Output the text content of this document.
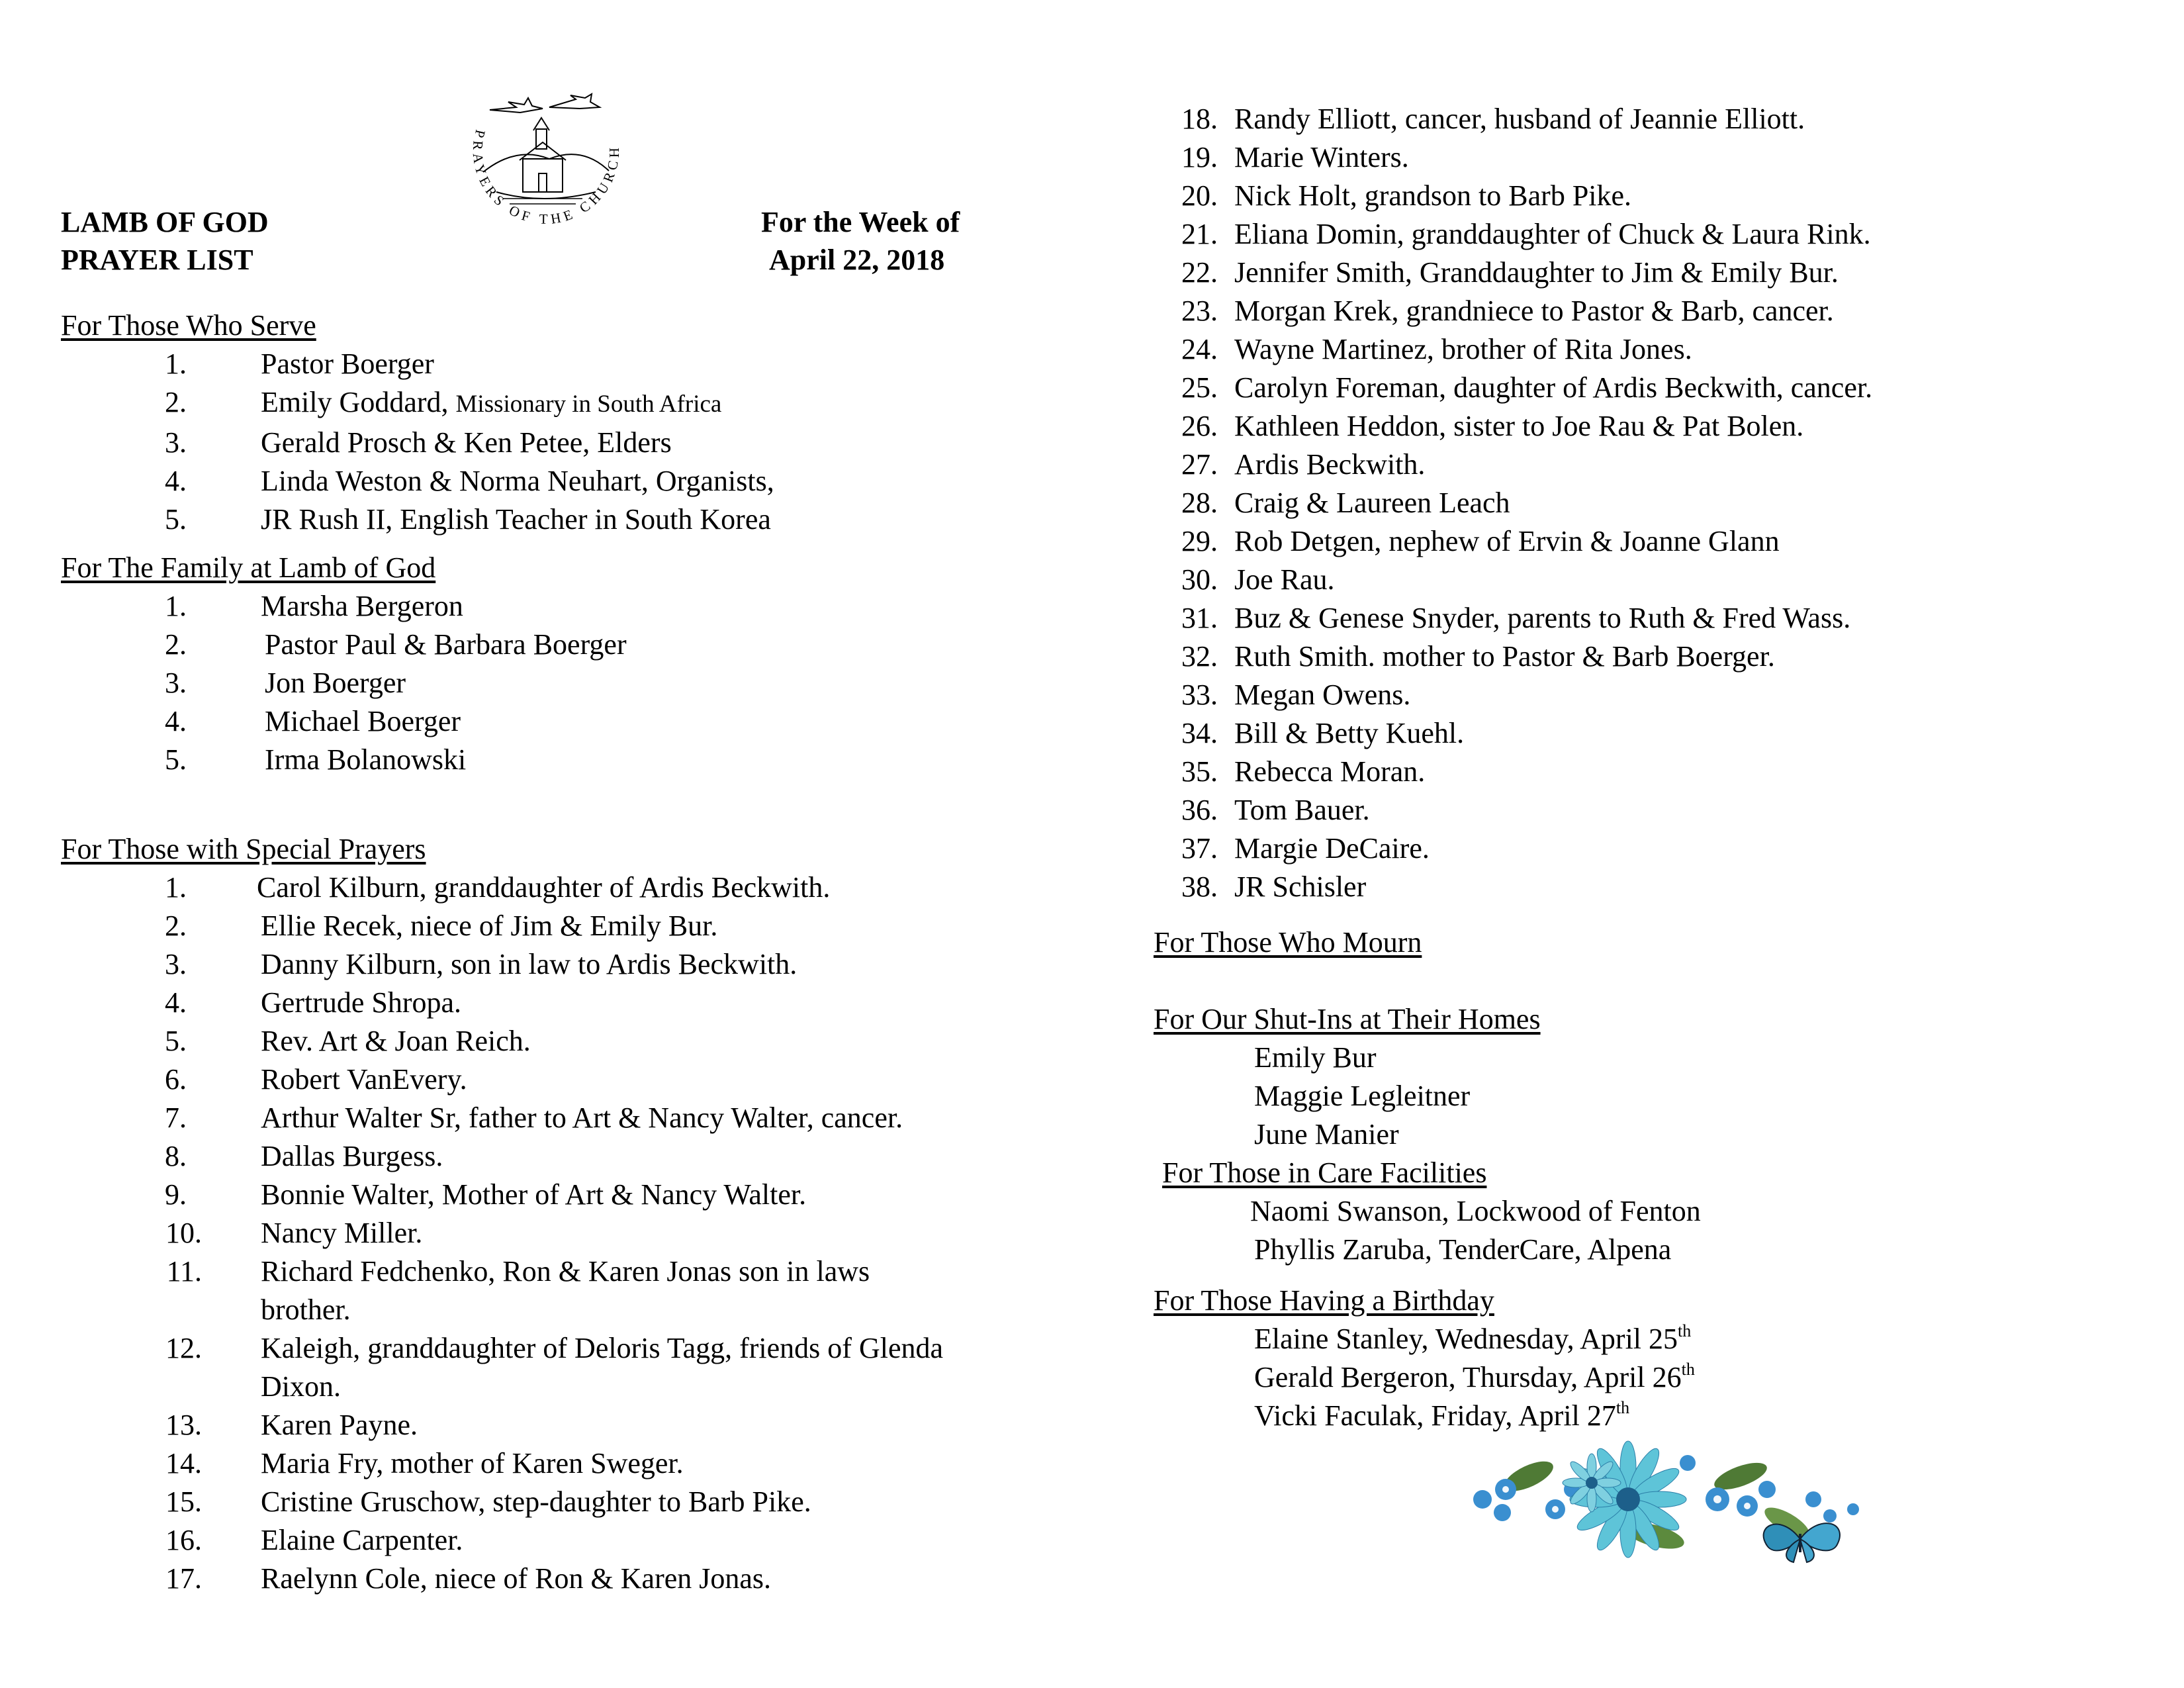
LAMB OF GOD
PRAYER LIST
For the Week of
April 22, 2018
PRAYERS OF THE CHURCH
For Those Who Serve
1.	Pastor Boerger
2.	Emily Goddard, Missionary in South Africa
3.	Gerald Prosch & Ken Petee, Elders
4.	Linda Weston & Norma Neuhart, Organists,
5.	JR Rush II, English Teacher in South Korea
For The Family at Lamb of God
1.	Marsha Bergeron
2.	Pastor Paul & Barbara Boerger
3.	Jon Boerger
4.	Michael Boerger
5.	Irma Bolanowski
For Those with Special Prayers
1. Carol Kilburn, granddaughter of Ardis Beckwith.
2.	Ellie Recek, niece of Jim & Emily Bur.
3.	Danny Kilburn, son in law to Ardis Beckwith.
4.	Gertrude Shropa.
5.	Rev. Art & Joan Reich.
6.	Robert VanEvery.
7.	Arthur Walter Sr, father to Art & Nancy Walter, cancer.
8.	Dallas Burgess.
9.	Bonnie Walter, Mother of Art & Nancy Walter.
10. Nancy Miller.
11. Richard Fedchenko, Ron & Karen Jonas son in laws
brother.
12. Kaleigh, granddaughter of Deloris Tagg, friends of Glenda
Dixon.
13. Karen Payne.
14. Maria Fry, mother of Karen Sweger.
15. Cristine Gruschow, step-daughter to Barb Pike.
16. Elaine Carpenter.
17. Raelynn Cole, niece of Ron & Karen Jonas.
18. Randy Elliott, cancer, husband of Jeannie Elliott.
19. Marie Winters.
20. Nick Holt, grandson to Barb Pike.
21. Eliana Domin, granddaughter of Chuck & Laura Rink.
22. Jennifer Smith, Granddaughter to Jim & Emily Bur.
23. Morgan Krek, grandniece to Pastor & Barb, cancer.
24. Wayne Martinez, brother of Rita Jones.
25. Carolyn Foreman, daughter of Ardis Beckwith, cancer.
26. Kathleen Heddon, sister to Joe Rau & Pat Bolen.
27. Ardis Beckwith.
28. Craig & Laureen Leach
29. Rob Detgen, nephew of Ervin & Joanne Glann
30. Joe Rau.
31. Buz & Genese Snyder, parents to Ruth & Fred Wass.
32. Ruth Smith. mother to Pastor & Barb Boerger.
33. Megan Owens.
34. Bill & Betty Kuehl.
35. Rebecca Moran.
36. Tom Bauer.
37. Margie DeCaire.
38. JR Schisler
For Those Who Mourn
For Our Shut-Ins at Their Homes
Emily Bur
Maggie Legleitner
June Manier
For Those in Care Facilities
Naomi Swanson, Lockwood of Fenton
Phyllis Zaruba, TenderCare, Alpena
For Those Having a Birthday
Elaine Stanley, Wednesday, April 25th
Gerald Bergeron, Thursday, April 26th
Vicki Faculak, Friday, April 27th
